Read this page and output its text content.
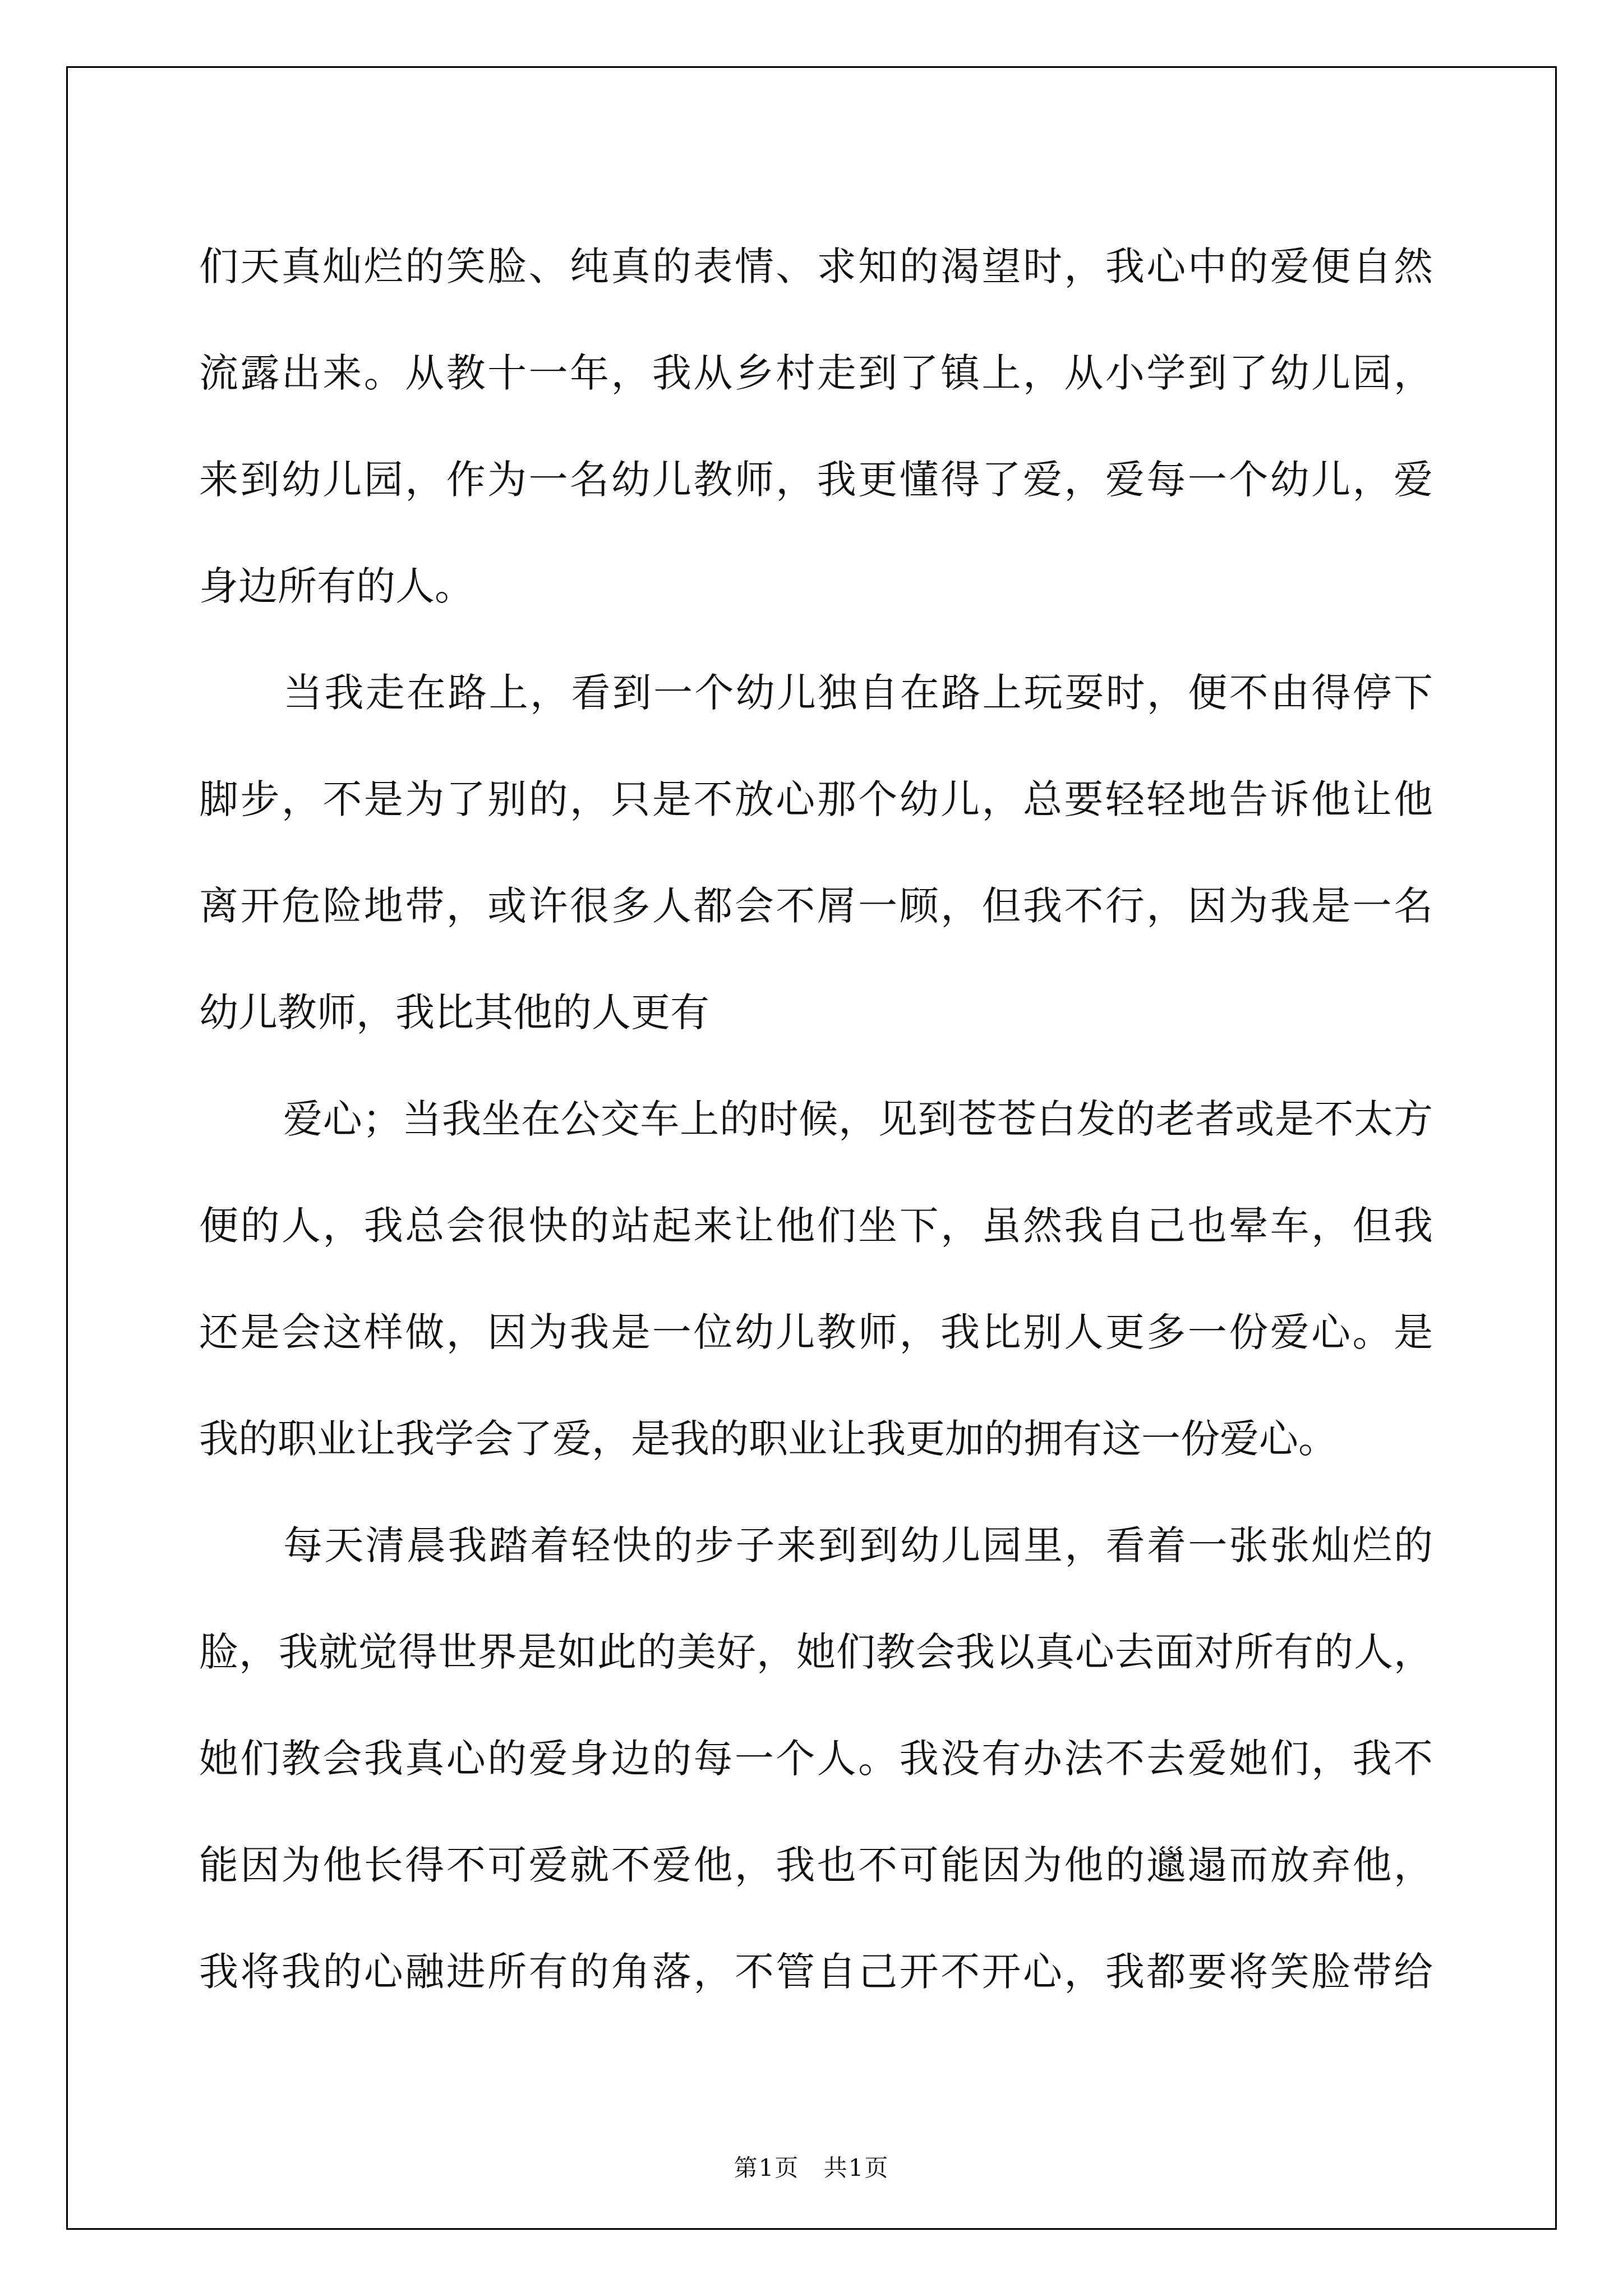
们天真灿烂的笑脸、纯真的表情、求知的渴望时，我心中的爱便自然

流露出来。从教十一年，我从乡村走到了镇上，从小学到了幼儿园，

来到幼儿园，作为一名幼儿教师，我更懂得了爱，爱每一个幼儿，爱

身边所有的人。

当我走在路上，看到一个幼儿独自在路上玩耍时，便不由得停下

脚步，不是为了别的，只是不放心那个幼儿，总要轻轻地告诉他让他

离开危险地带，或许很多人都会不屑一顾，但我不行，因为我是一名

幼儿教师，我比其他的人更有

爱心；当我坐在公交车上的时候，见到苍苍白发的老者或是不太方

便的人，我总会很快的站起来让他们坐下，虽然我自己也晕车，但我

还是会这样做，因为我是一位幼儿教师，我比别人更多一份爱心。是

我的职业让我学会了爱，是我的职业让我更加的拥有这一份爱心。

每天清晨我踏着轻快的步子来到到幼儿园里，看着一张张灿烂的

脸，我就觉得世界是如此的美好，她们教会我以真心去面对所有的人，

她们教会我真心的爱身边的每一个人。我没有办法不去爱她们，我不

能因为他长得不可爱就不爱他，我也不可能因为他的邋遢而放弃他，

我将我的心融进所有的角落，不管自己开不开心，我都要将笑脸带给

第1页 共1页
